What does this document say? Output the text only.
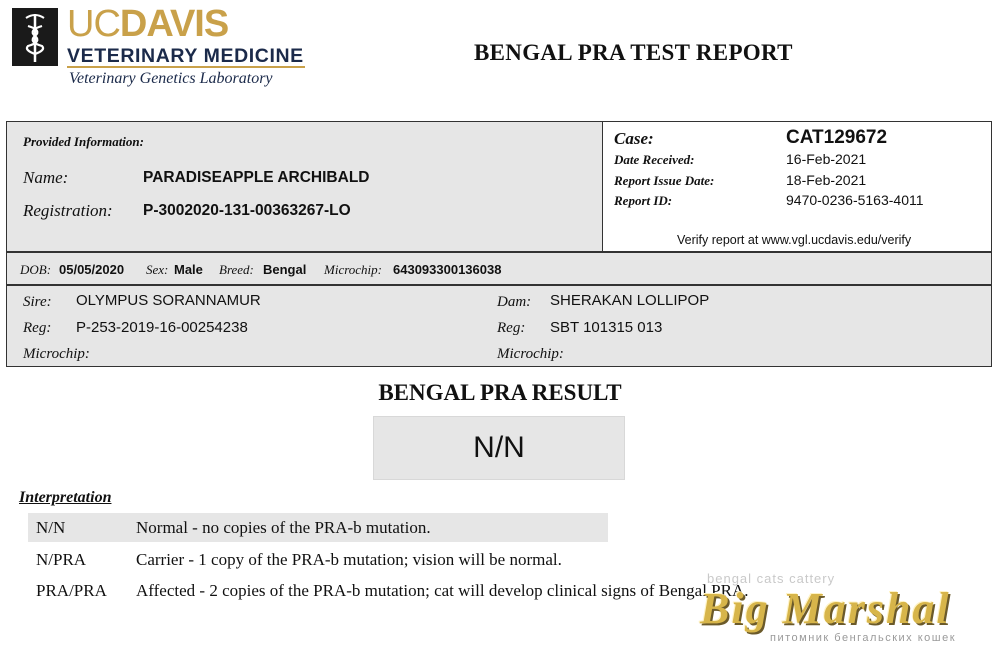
UCDAVIS
VETERINARY MEDICINE
Veterinary Genetics Laboratory
BENGAL PRA TEST REPORT
Provided Information:
Name:	PARADISEAPPLE ARCHIBALD
Registration: P-3002020-131-00363267-LO
Case:	CAT129672
Date Received:	16-Feb-2021
Report Issue Date:	18-Feb-2021
Report ID:	9470-0236-5163-4011
Verify report at www.vgl.ucdavis.edu/verify
DOB: 05/05/2020 Sex: Male Breed: Bengal Microchip: 643093300136038
Sire: OLYMPUS SORANNAMUR
Reg: P-253-2019-16-00254238
Microchip:
Dam: SHERAKAN LOLLIPOP
Reg: SBT 101315 013
Microchip:
BENGAL PRA RESULT
N/N
Interpretation
N/N	Normal - no copies of the PRA-b mutation.
N/PRA	Carrier - 1 copy of the PRA-b mutation; vision will be normal.
PRA/PRA Affected - 2 copies of the PRA-b mutation; cat will develop clinical signs of Bengal PRA.
bengal cats cattery
Big Marshal
питомник бенгальских кошек
